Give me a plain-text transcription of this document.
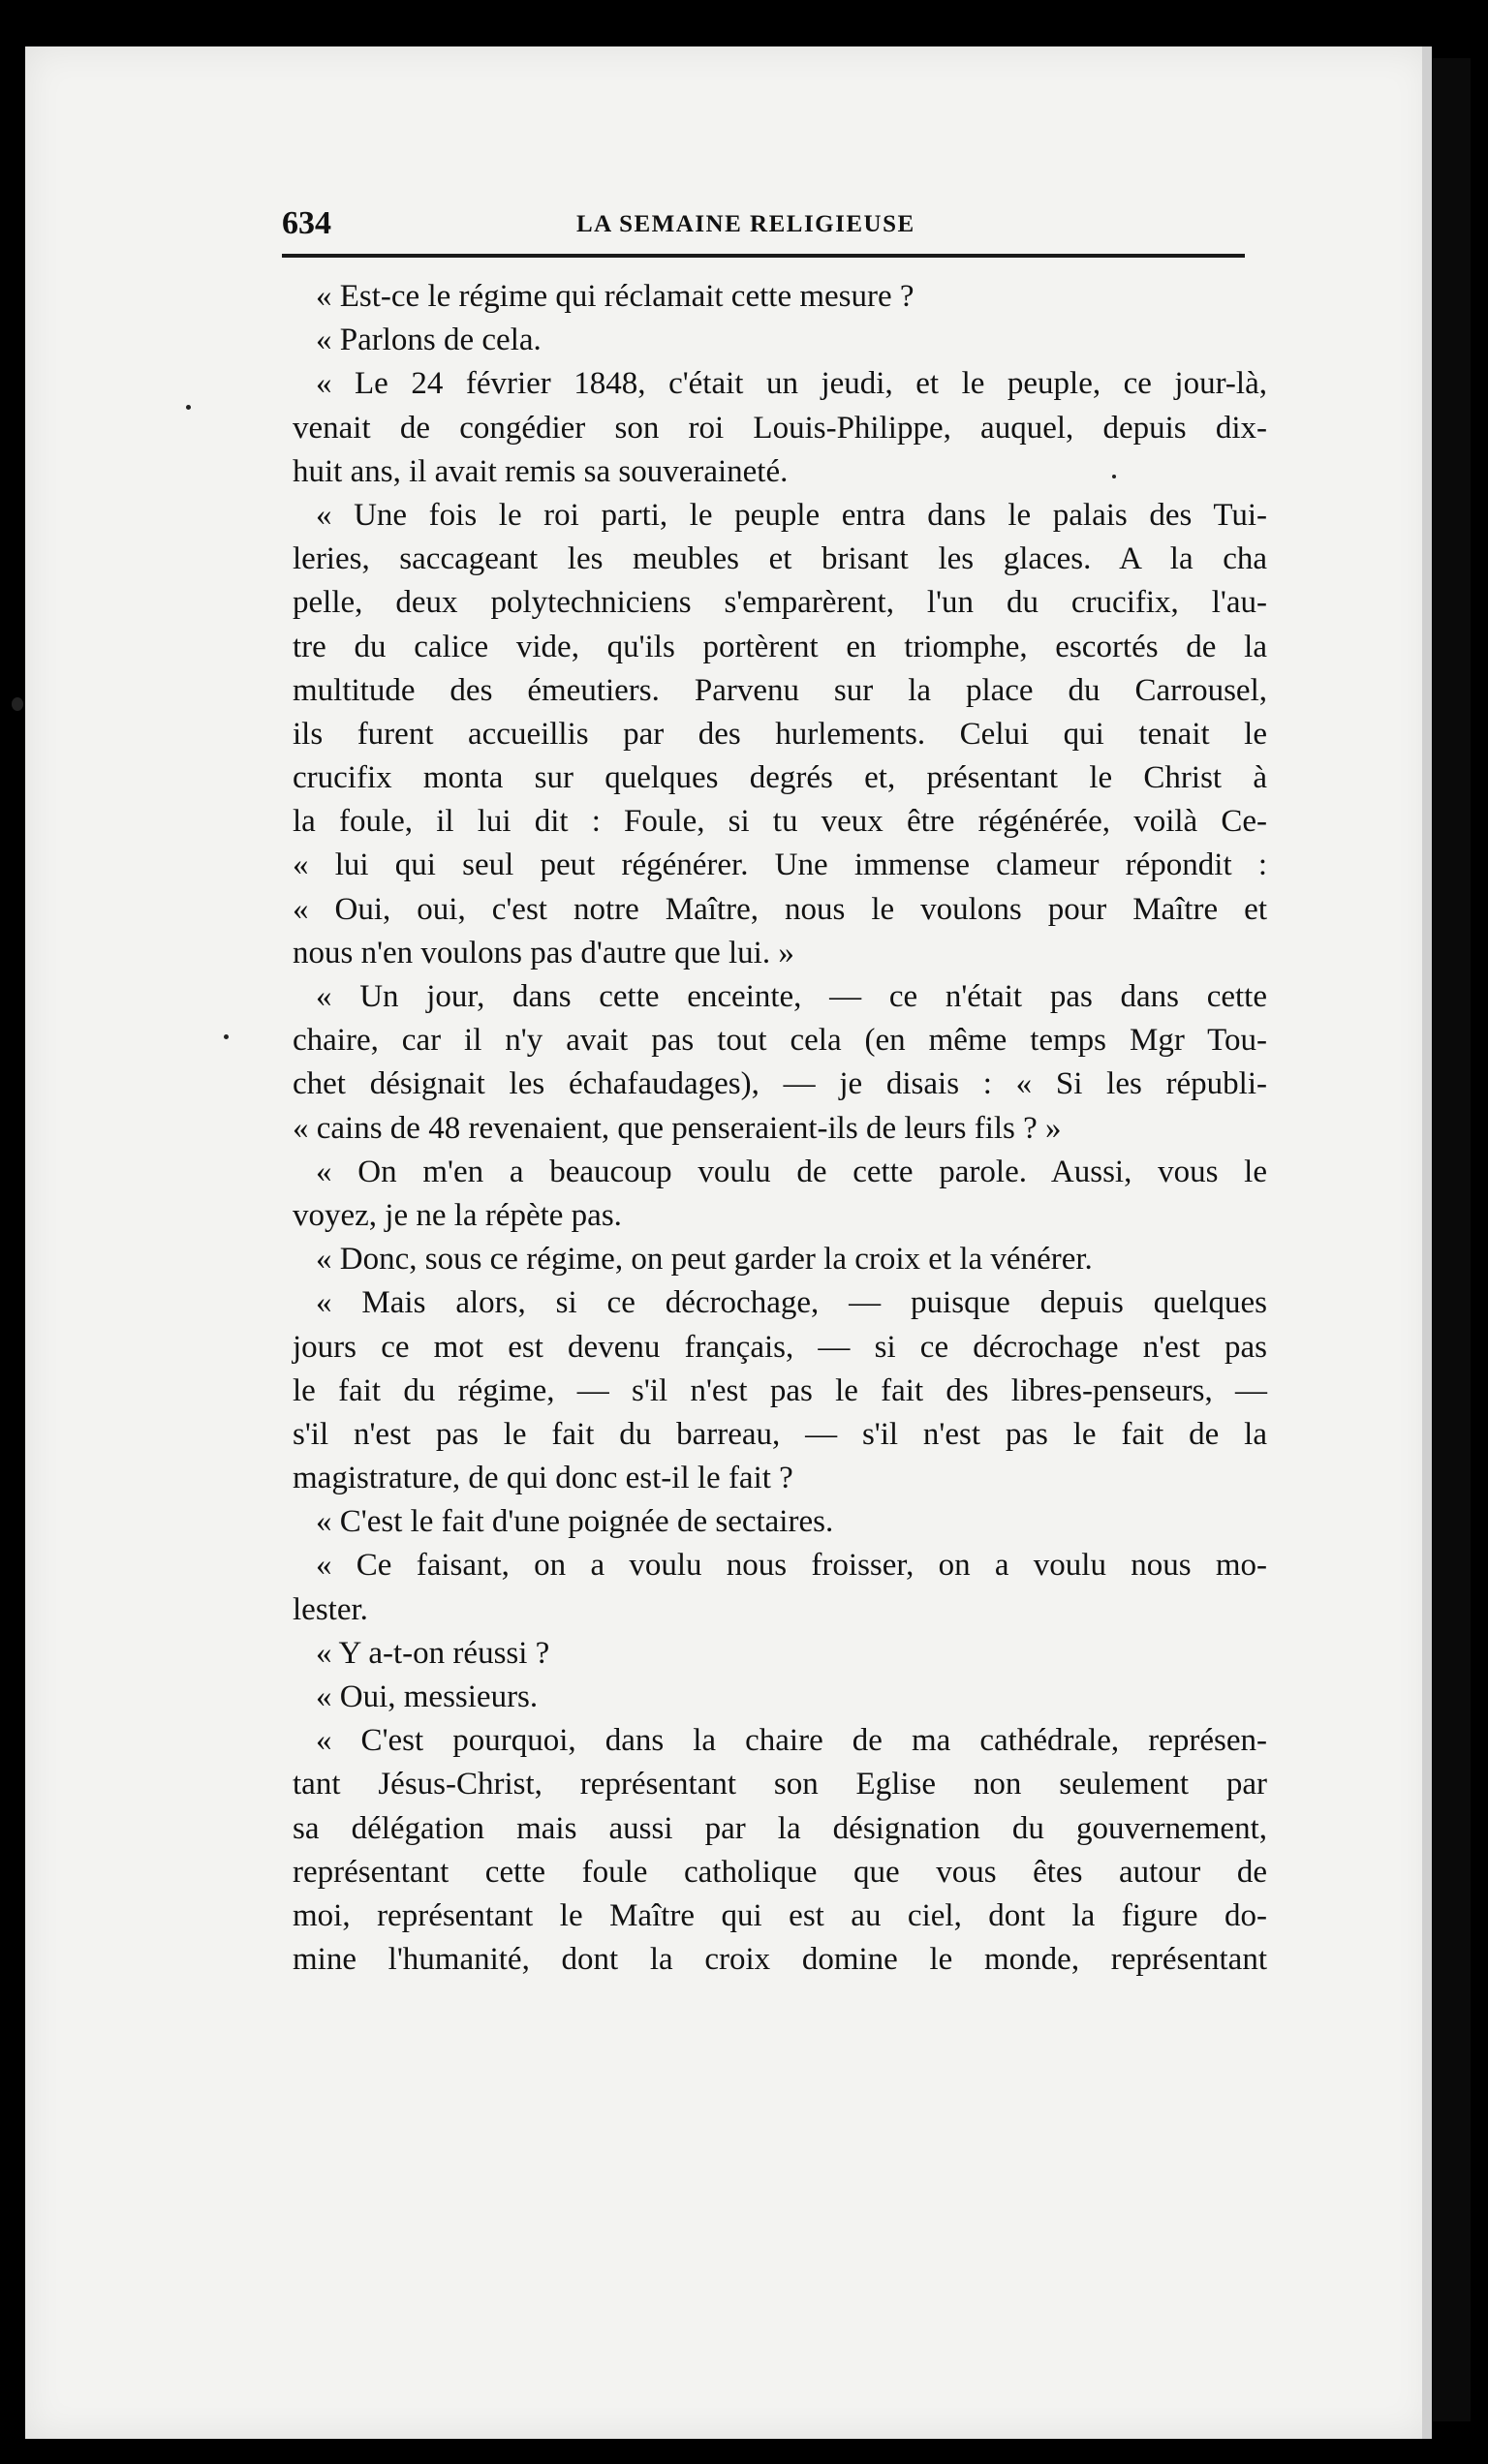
634	LA SEMAINE RELIGIEUSE
« Est-ce le régime qui réclamait cette mesure ?
« Parlons de cela.
« Le 24 février 1848, c'était un jeudi, et le peuple, ce jour-là,
venait de congédier son roi Louis-Philippe, auquel, depuis dix-
huit ans, il avait remis sa souveraineté.
« Une fois le roi parti, le peuple entra dans le palais des Tui-
leries, saccageant les meubles et brisant les glaces. A la cha
pelle, deux polytechniciens s'emparèrent, l'un du crucifix, l'au-
tre du calice vide, qu'ils portèrent en triomphe, escortés de la
multitude des émeutiers. Parvenu sur la place du Carrousel,
ils furent accueillis par des hurlements. Celui qui tenait le
crucifix monta sur quelques degrés et, présentant le Christ à
la foule, il lui dit : Foule, si tu veux être régénérée, voilà Ce-
« lui qui seul peut régénérer. Une immense clameur répondit :
« Oui, oui, c'est notre Maître, nous le voulons pour Maître et
nous n'en voulons pas d'autre que lui. »
« Un jour, dans cette enceinte, — ce n'était pas dans cette
chaire, car il n'y avait pas tout cela (en même temps Mgr Tou-
chet désignait les échafaudages), — je disais : « Si les républi-
« cains de 48 revenaient, que penseraient-ils de leurs fils ? »
« On m'en a beaucoup voulu de cette parole. Aussi, vous le
voyez, je ne la répète pas.
« Donc, sous ce régime, on peut garder la croix et la vénérer.
« Mais alors, si ce décrochage, — puisque depuis quelques
jours ce mot est devenu français, — si ce décrochage n'est pas
le fait du régime, — s'il n'est pas le fait des libres-penseurs, —
s'il n'est pas le fait du barreau, — s'il n'est pas le fait de la
magistrature, de qui donc est-il le fait ?
« C'est le fait d'une poignée de sectaires.
« Ce faisant, on a voulu nous froisser, on a voulu nous mo-
lester.
« Y a-t-on réussi ?
« Oui, messieurs.
« C'est pourquoi, dans la chaire de ma cathédrale, représen-
tant Jésus-Christ, représentant son Eglise non seulement par
sa délégation mais aussi par la désignation du gouvernement,
représentant cette foule catholique que vous êtes autour de
moi, représentant le Maître qui est au ciel, dont la figure do-
mine l'humanité, dont la croix domine le monde, représentant
